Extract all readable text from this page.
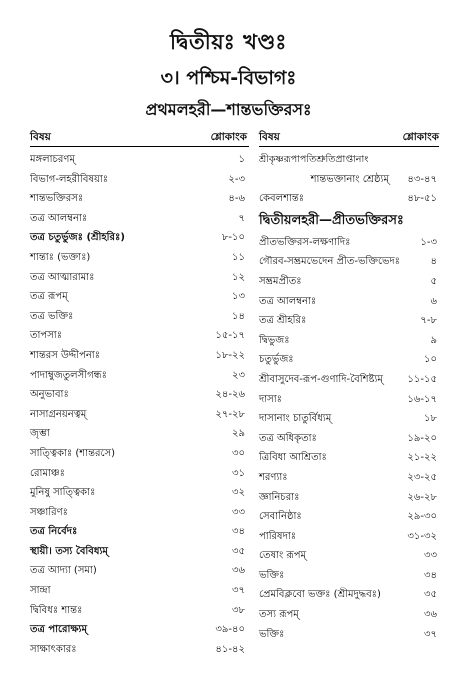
দ্বিতীয়ঃ খণ্ডঃ
৩। পশ্চিম-বিভাগঃ
প্রথমলহরী—শান্তভক্তিরসঃ
বিষয়	শ্লোকাংক
মঙ্গলাচরণম্	১
বিভাগ-লহরীবিষয়াঃ	২-৩
শান্তভক্তিরসঃ	৪-৬
তত্র আলম্বনাঃ	৭
তত্র চতুর্ভুজঃ (শ্রীহরিঃ)	৮-১০
শান্তাঃ (ভক্তাঃ)	১১
তত্র আত্মারামাঃ	১২
তত্র রূপম্	১৩
তত্র ভক্তিঃ	১৪
তাপসাঃ	১৫-১৭
শান্তরস উদ্দীপনাঃ	১৮-২২
পাদাম্বুজতুলসীগন্ধঃ	২৩
অনুভাবাঃ	২৪-২৬
নাসাগ্রনয়নত্বম্	২৭-২৮
জৃম্ভা	২৯
সাত্ত্বিকাঃ (শান্তরসে)	৩০
রোমাঞ্চঃ	৩১
মুনিষু সাত্ত্বিকাঃ	৩২
সঞ্চারিণঃ	৩৩
তত্র নির্বেদঃ	৩৪
স্থায়ী। তস্য বৈবিধ্যম্	৩৫
তত্র আদ্যা (সমা)	৩৬
সান্দ্রা	৩৭
দ্বিবিধঃ শান্তঃ	৩৮
তত্র পারোক্ষ্যম্	৩৯-৪০
সাক্ষাৎকারঃ	৪১-৪২
বিষয়	শ্লোকাংক
শ্রীকৃষ্ণরূপাপতিশ্রুতিপ্রাপ্তানাং
শান্তভক্তানাং শ্রেষ্ঠ্যম্ ৪৩-৪৭
কেবলশান্তঃ	৪৮-৫১
দ্বিতীয়লহরী—প্রীতভক্তিরসঃ
প্রীতভক্তিরস-লক্ষণাদিঃ	১-৩
গৌরব-সম্ভ্রমভেদেন প্রীত-ভক্তিভেদঃ	৪
সম্ভ্রমপ্রীতঃ	৫
তত্র আলম্বনাঃ	৬
তত্র শ্রীহরিঃ	৭-৮
দ্বিভুজঃ	৯
চতুর্ভুজঃ	১০
শ্রীবাসুদেব-রূপ-গুণাদি-বৈশিষ্ট্যম্ ১১-১৫
দাসাঃ	১৬-১৭
দাসানাং চাতুর্বিধ্যম্	১৮
তত্র অধিকৃতাঃ	১৯-২০
ত্রিবিধা আশ্রিতাঃ	২১-২২
শরণ্যাঃ	২৩-২৫
জ্ঞানিচরাঃ	২৬-২৮
সেবানিষ্ঠাঃ	২৯-৩০
পারিষদাঃ	৩১-৩২
তেষাং রূপম্	৩৩
ভক্তিঃ	৩৪
প্রেমবিক্লবো ভক্তঃ (শ্রীমদুদ্ধবঃ)	৩৫
তস্য রূপম্	৩৬
ভক্তিঃ	৩৭
